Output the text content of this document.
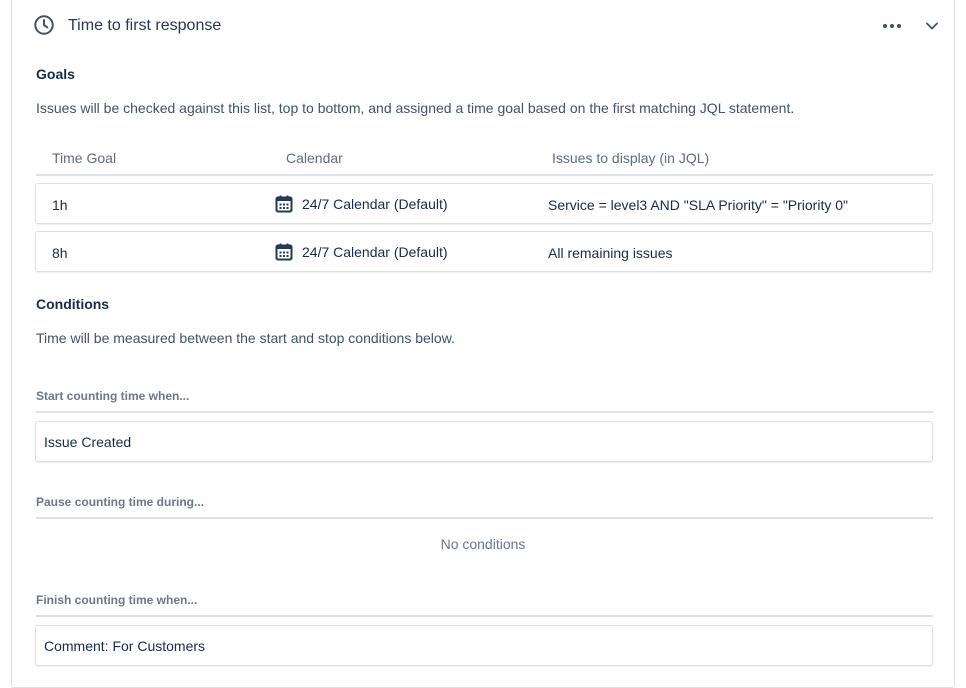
Time to first response
Goals
Issues will be checked against this list, top to bottom, and assigned a time goal based on the first matching JQL statement.
Time Goal	Calendar	Issues to display (in JQL)
1h	24/7 Calendar (Default)	Service = level3 AND "SLA Priority" = "Priority 0"
8h	24/7 Calendar (Default)	All remaining issues
Conditions
Time will be measured between the start and stop conditions below.
Start counting time when...
Issue Created
Pause counting time during...
No conditions
Finish counting time when...
Comment: For Customers
